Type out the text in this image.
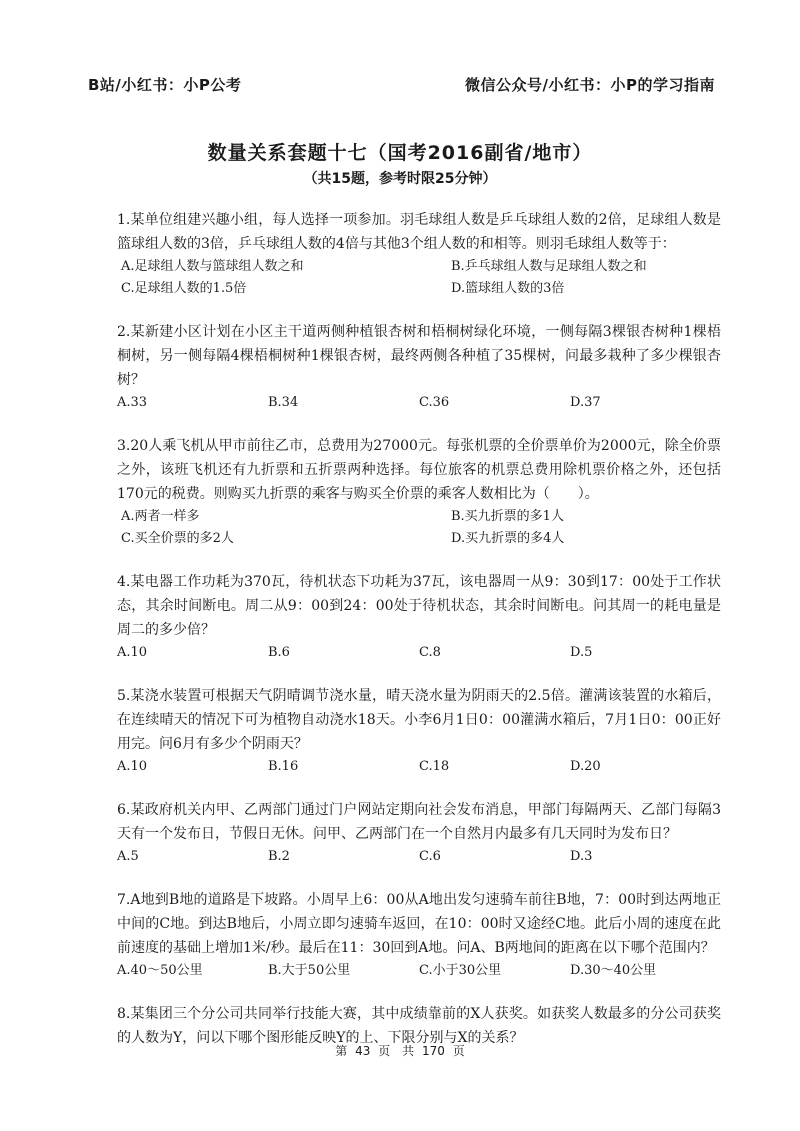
B站/小红书：小P公考	微信公众号/小红书：小P的学习指南
数量关系套题十七（国考2016副省/地市）
（共15题，参考时限25分钟）

1.某单位组建兴趣小组，每人选择一项参加。羽毛球组人数是乒乓球组人数的2倍，足球组人数是篮球组人数的3倍，乒乓球组人数的4倍与其他3个组人数的和相等。则羽毛球组人数等于：

A.足球组人数与篮球组人数之和	B.乒乓球组人数与足球组人数之和
C.足球组人数的1.5倍	D.篮球组人数的3倍

2.某新建小区计划在小区主干道两侧种植银杏树和梧桐树绿化环境，一侧每隔3棵银杏树种1棵梧桐树，另一侧每隔4棵梧桐树种1棵银杏树，最终两侧各种植了35棵树，问最多栽种了多少棵银杏树？

A.33	B.34	C.36	D.37

3.20人乘飞机从甲市前往乙市，总费用为27000元。每张机票的全价票单价为2000元，除全价票之外，该班飞机还有九折票和五折票两种选择。每位旅客的机票总费用除机票价格之外，还包括170元的税费。则购买九折票的乘客与购买全价票的乘客人数相比为（　　）。

A.两者一样多	B.买九折票的多1人
C.买全价票的多2人	D.买九折票的多4人

4.某电器工作功耗为370瓦，待机状态下功耗为37瓦，该电器周一从9：30到17：00处于工作状态，其余时间断电。周二从9：00到24：00处于待机状态，其余时间断电。问其周一的耗电量是周二的多少倍？

A.10	B.6	C.8	D.5

5.某浇水装置可根据天气阴晴调节浇水量，晴天浇水量为阴雨天的2.5倍。灌满该装置的水箱后，在连续晴天的情况下可为植物自动浇水18天。小李6月1日0：00灌满水箱后，7月1日0：00正好用完。问6月有多少个阴雨天？

A.10	B.16	C.18	D.20

6.某政府机关内甲、乙两部门通过门户网站定期向社会发布消息，甲部门每隔两天、乙部门每隔3天有一个发布日，节假日无休。问甲、乙两部门在一个自然月内最多有几天同时为发布日？

A.5	B.2	C.6	D.3

7.A地到B地的道路是下坡路。小周早上6：00从A地出发匀速骑车前往B地，7：00时到达两地正中间的C地。到达B地后，小周立即匀速骑车返回，在10：00时又途经C地。此后小周的速度在此前速度的基础上增加1米/秒。最后在11：30回到A地。问A、B两地间的距离在以下哪个范围内？

A.40～50公里	B.大于50公里	C.小于30公里	D.30～40公里

8.某集团三个分公司共同举行技能大赛，其中成绩靠前的X人获奖。如获奖人数最多的分公司获奖的人数为Y，问以下哪个图形能反映Y的上、下限分别与X的关系？

第 43 页　共 170 页
